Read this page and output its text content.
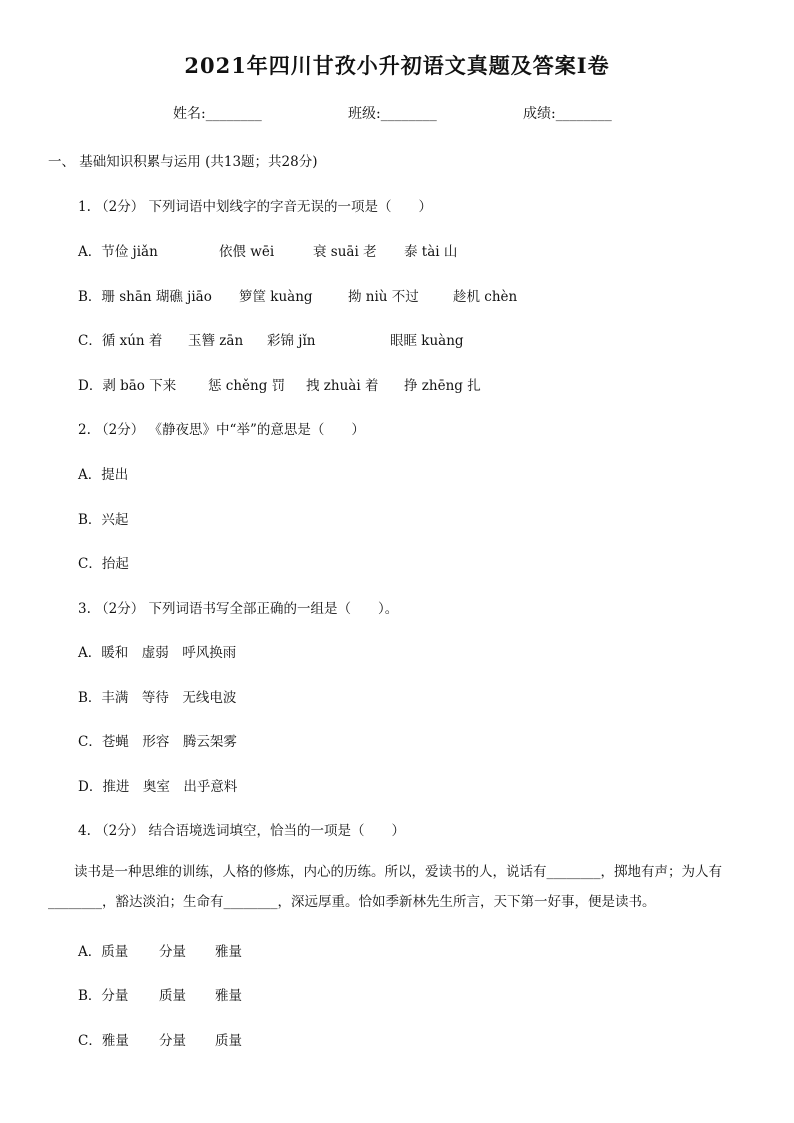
2021年四川甘孜小升初语文真题及答案Ⅰ卷
姓名:________	班级:________	成绩:________
一、 基础知识积累与运用 (共13题；共28分)
1. （2分） 下列词语中划线字的字音无误的一项是（　　）
A．节俭 jiǎn	依偎 wēi	衰 suāi 老 泰 tài 山
B．珊 shān 瑚礁 jiāo 箩筐 kuàng	拗 niù 不过	趁机 chèn
C．循 xún 着 玉簪 zān 彩锦 jǐn	眼眶 kuàng
D．剥 bāo 下来 惩 chěng 罚 拽 zhuài 着 挣 zhēng 扎
2. （2分） 《静夜思》中“举”的意思是（　　）
A．提出
B．兴起
C．抬起
3. （2分） 下列词语书写全部正确的一组是（　　）。
A．暖和　虚弱　呼风换雨
B．丰满　等待　无线电波
C．苍蝇　形容　腾云架雾
D．推进　奥室　出乎意料
4. （2分） 结合语境选词填空，恰当的一项是（　　）
读书是一种思维的训练，人格的修炼，内心的历练。所以，爱读书的人，说话有________，掷地有声；为人有________，豁达淡泊；生命有________，深远厚重。恰如季新林先生所言，天下第一好事，便是读书。
A．质量 分量 雅量
B．分量 质量 雅量
C．雅量 分量 质量
